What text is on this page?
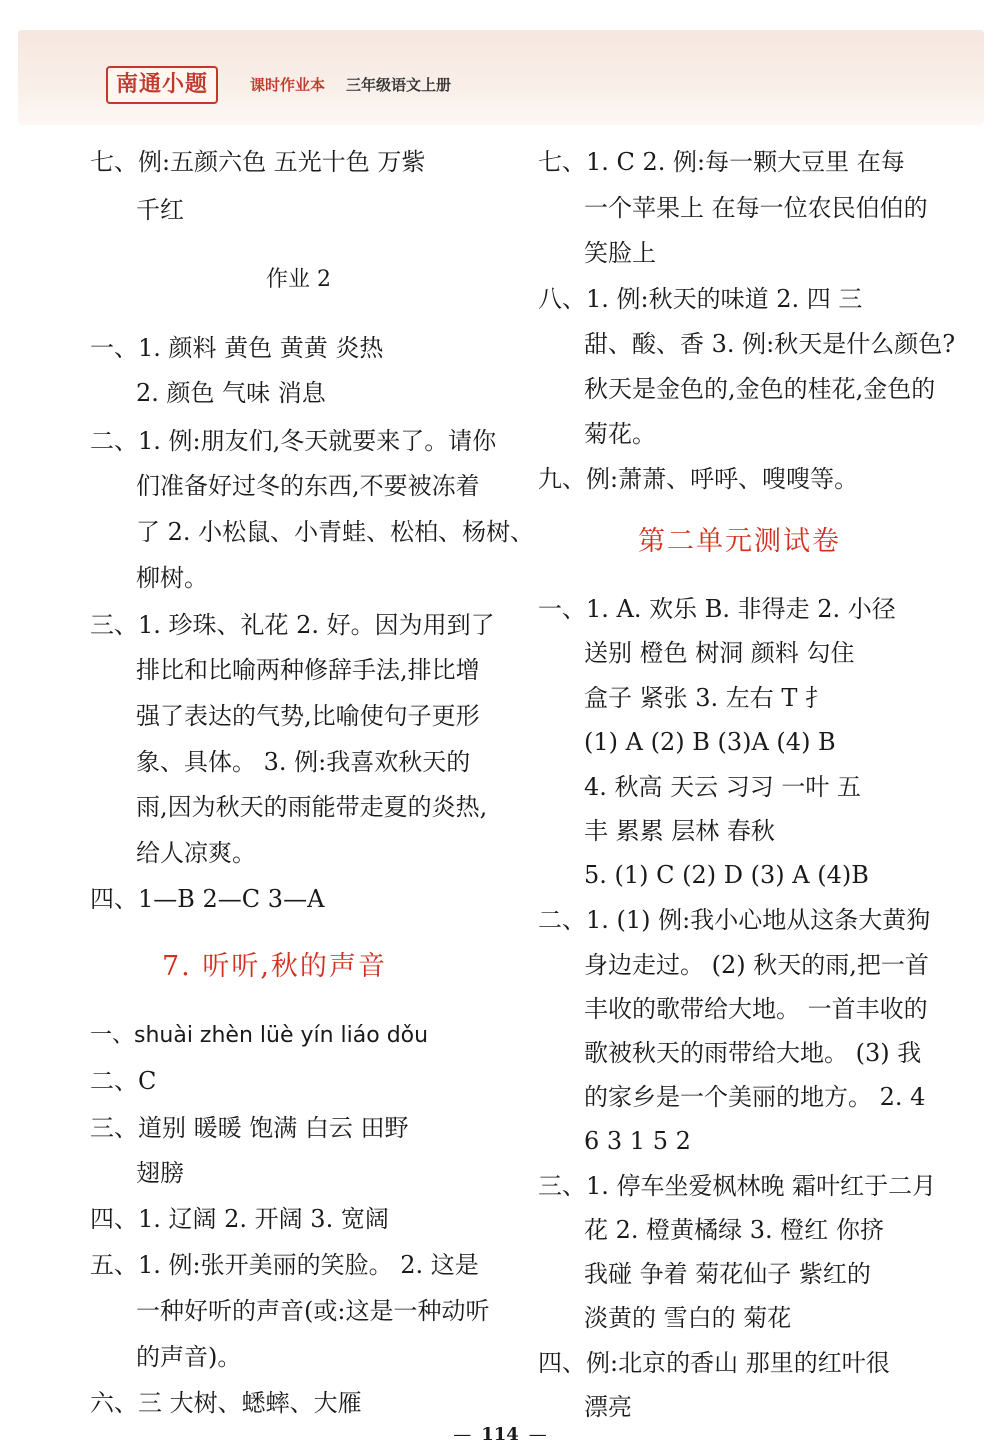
南通小题	课时作业本 三年级语文上册
七、例:五颜六色 五光十色 万紫
千红
作业 2
一、1. 颜料 黄色 黄黄 炎热
2. 颜色 气味 消息
二、1. 例:朋友们,冬天就要来了。请你
们准备好过冬的东西,不要被冻着
了 2. 小松鼠、小青蛙、松柏、杨树、
柳树。
三、1. 珍珠、礼花 2. 好。因为用到了
排比和比喻两种修辞手法,排比增
强了表达的气势,比喻使句子更形
象、具体。 3. 例:我喜欢秋天的
雨,因为秋天的雨能带走夏的炎热,
给人凉爽。
四、1—B 2—C 3—A
7. 听听,秋的声音
一、shuài zhèn lüè yín liáo dǒu
二、C
三、道别 暖暖 饱满 白云 田野
翅膀
四、1. 辽阔 2. 开阔 3. 宽阔
五、1. 例:张开美丽的笑脸。 2. 这是
一种好听的声音(或:这是一种动听
的声音)。
六、三 大树、蟋蟀、大雁
七、1. C 2. 例:每一颗大豆里 在每
一个苹果上 在每一位农民伯伯的
笑脸上
八、1. 例:秋天的味道 2. 四 三
甜、酸、香 3. 例:秋天是什么颜色?
秋天是金色的,金色的桂花,金色的
菊花。
九、例:萧萧、呼呼、嗖嗖等。
第二单元测试卷
一、1. A. 欢乐 B. 非得走 2. 小径
送别 橙色 树洞 颜料 勾住
盒子 紧张 3. 左右 T 扌
(1) A (2) B (3)A (4) B
4. 秋高 天云 习习 一叶 五
丰 累累 层林 春秋
5. (1) C (2) D (3) A (4)B
二、1. (1) 例:我小心地从这条大黄狗
身边走过。 (2) 秋天的雨,把一首
丰收的歌带给大地。 一首丰收的
歌被秋天的雨带给大地。 (3) 我
的家乡是一个美丽的地方。 2. 4
6 3 1 5 2
三、1. 停车坐爱枫林晚 霜叶红于二月
花 2. 橙黄橘绿 3. 橙红 你挤
我碰 争着 菊花仙子 紫红的
淡黄的 雪白的 菊花
四、例:北京的香山 那里的红叶很
漂亮
— 114 —
